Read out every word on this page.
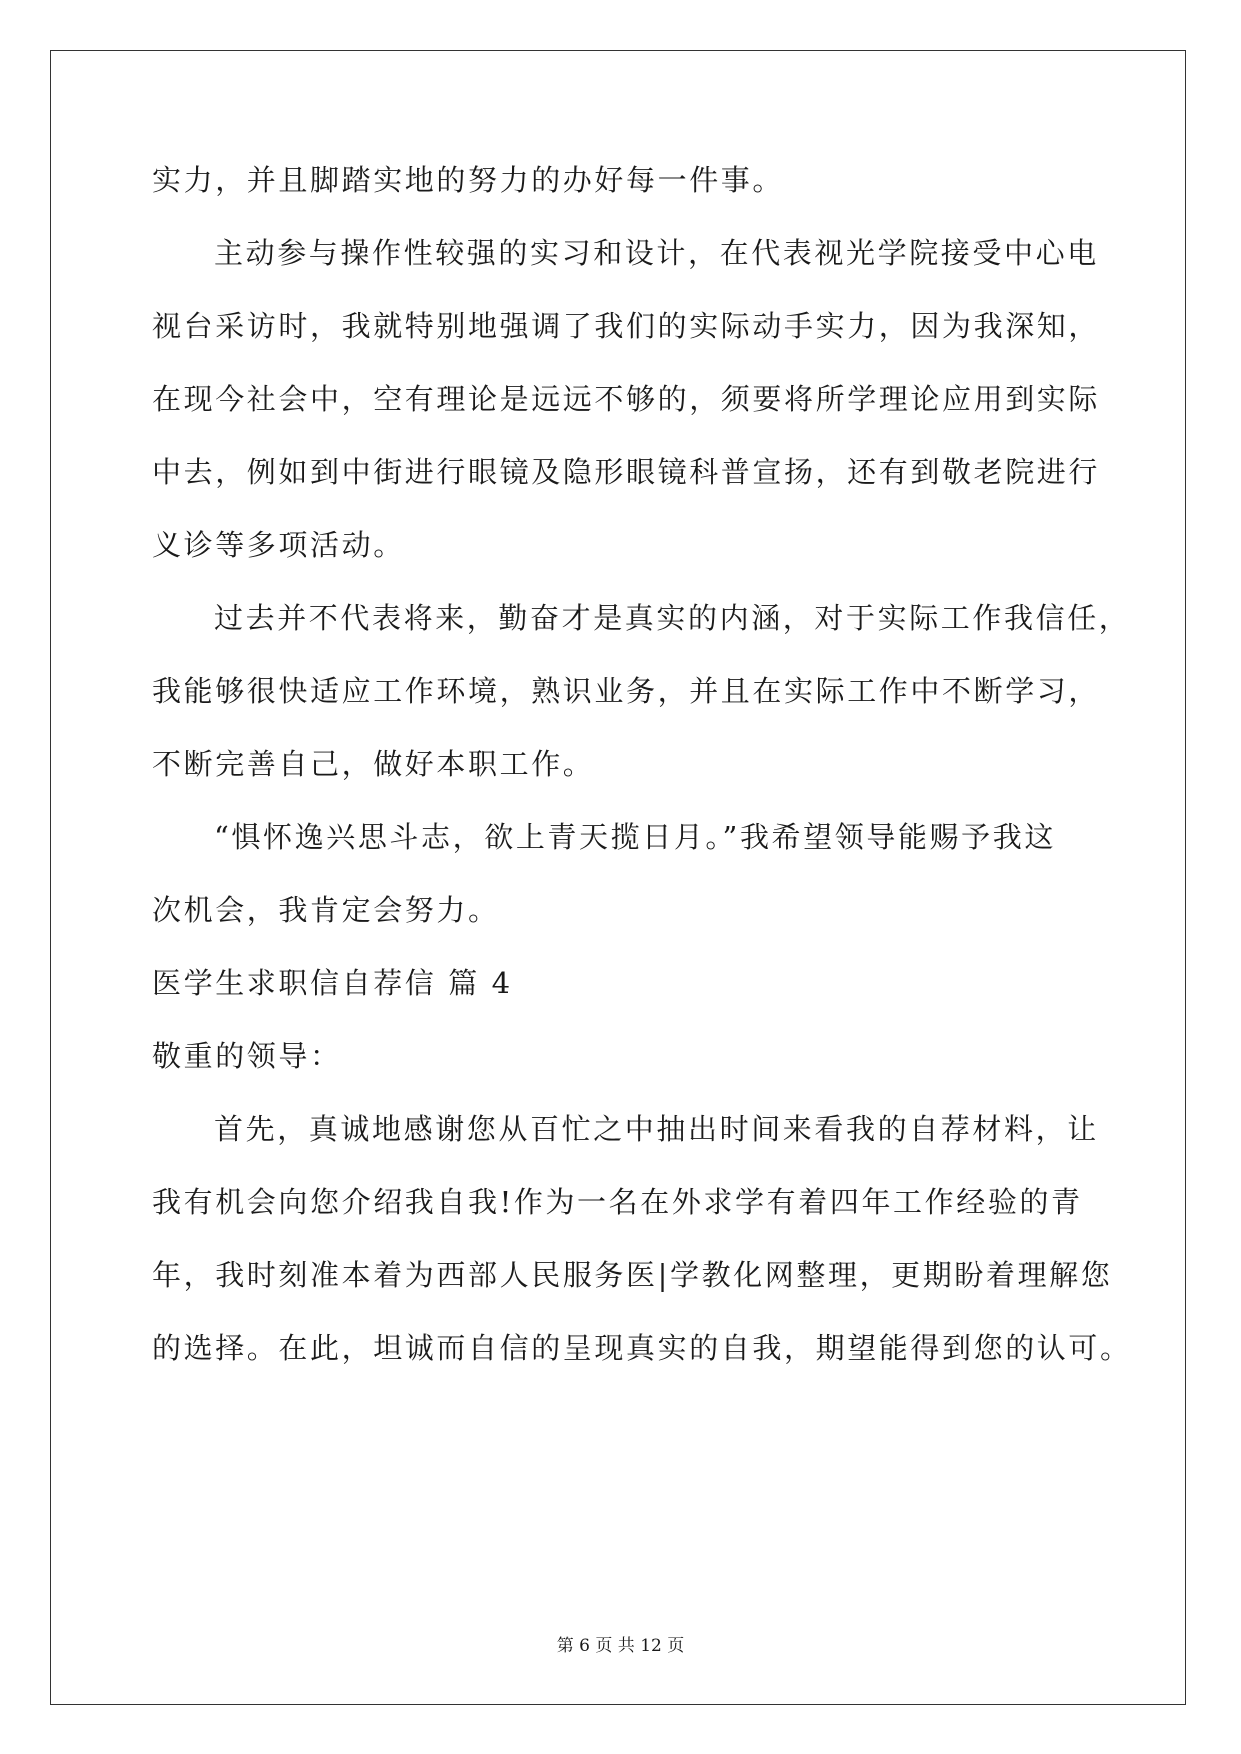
实力，并且脚踏实地的努力的办好每一件事。
主动参与操作性较强的实习和设计，在代表视光学院接受中心电
视台采访时，我就特别地强调了我们的实际动手实力，因为我深知，
在现今社会中，空有理论是远远不够的，须要将所学理论应用到实际
中去，例如到中街进行眼镜及隐形眼镜科普宣扬，还有到敬老院进行
义诊等多项活动。
过去并不代表将来，勤奋才是真实的内涵，对于实际工作我信任，
我能够很快适应工作环境，熟识业务，并且在实际工作中不断学习，
不断完善自己，做好本职工作。
“惧怀逸兴思斗志，欲上青天揽日月。”我希望领导能赐予我这
次机会，我肯定会努力。
医学生求职信自荐信 篇 4
敬重的领导：
首先，真诚地感谢您从百忙之中抽出时间来看我的自荐材料，让
我有机会向您介绍我自我!作为一名在外求学有着四年工作经验的青
年，我时刻准本着为西部人民服务医|学教化网整理，更期盼着理解您
的选择。在此，坦诚而自信的呈现真实的自我，期望能得到您的认可。
第 6 页 共 12 页
